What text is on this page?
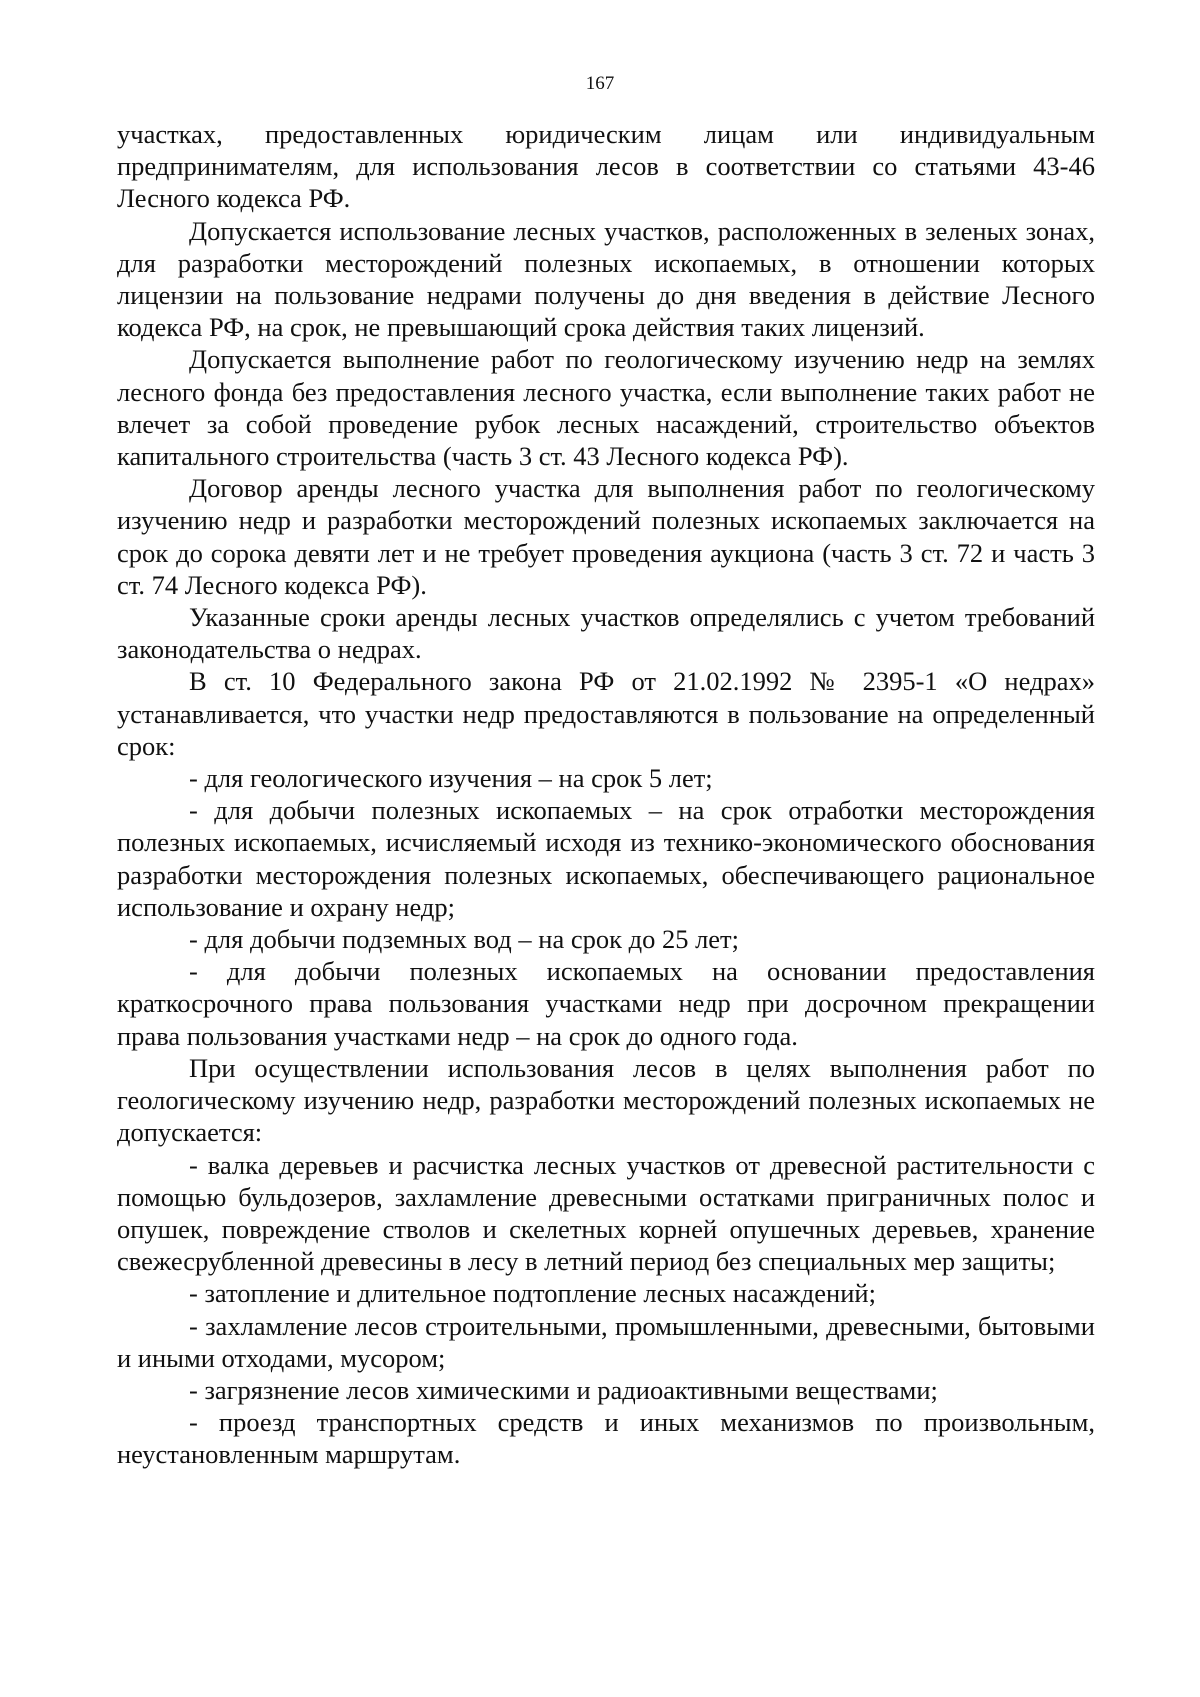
167

участках, предоставленных юридическим лицам или индивидуальным предпринимателям, для использования лесов в соответствии со статьями 43-46 Лесного кодекса РФ.

Допускается использование лесных участков, расположенных в зеленых зонах, для разработки месторождений полезных ископаемых, в отношении которых лицензии на пользование недрами получены до дня введения в действие Лесного кодекса РФ, на срок, не превышающий срока действия таких лицензий.

Допускается выполнение работ по геологическому изучению недр на землях лесного фонда без предоставления лесного участка, если выполнение таких работ не влечет за собой проведение рубок лесных насаждений, строительство объектов капитального строительства (часть 3 ст. 43 Лесного кодекса РФ).

Договор аренды лесного участка для выполнения работ по геологическому изучению недр и разработки месторождений полезных ископаемых заключается на срок до сорока девяти лет и не требует проведения аукциона (часть 3 ст. 72 и часть 3 ст. 74 Лесного кодекса РФ).

Указанные сроки аренды лесных участков определялись с учетом требований законодательства о недрах.

В ст. 10 Федерального закона РФ от 21.02.1992 № 2395-1 «О недрах» устанавливается, что участки недр предоставляются в пользование на определенный срок:

- для геологического изучения – на срок 5 лет;

- для добычи полезных ископаемых – на срок отработки месторождения полезных ископаемых, исчисляемый исходя из технико-экономического обоснования разработки месторождения полезных ископаемых, обеспечивающего рациональное использование и охрану недр;

- для добычи подземных вод – на срок до 25 лет;

- для добычи полезных ископаемых на основании предоставления краткосрочного права пользования участками недр при досрочном прекращении права пользования участками недр – на срок до одного года.

При осуществлении использования лесов в целях выполнения работ по геологическому изучению недр, разработки месторождений полезных ископаемых не допускается:

- валка деревьев и расчистка лесных участков от древесной растительности с помощью бульдозеров, захламление древесными остатками приграничных полос и опушек, повреждение стволов и скелетных корней опушечных деревьев, хранение свежесрубленной древесины в лесу в летний период без специальных мер защиты;

- затопление и длительное подтопление лесных насаждений;

- захламление лесов строительными, промышленными, древесными, бытовыми и иными отходами, мусором;

- загрязнение лесов химическими и радиоактивными веществами;

- проезд транспортных средств и иных механизмов по произвольным, неустановленным маршрутам.
